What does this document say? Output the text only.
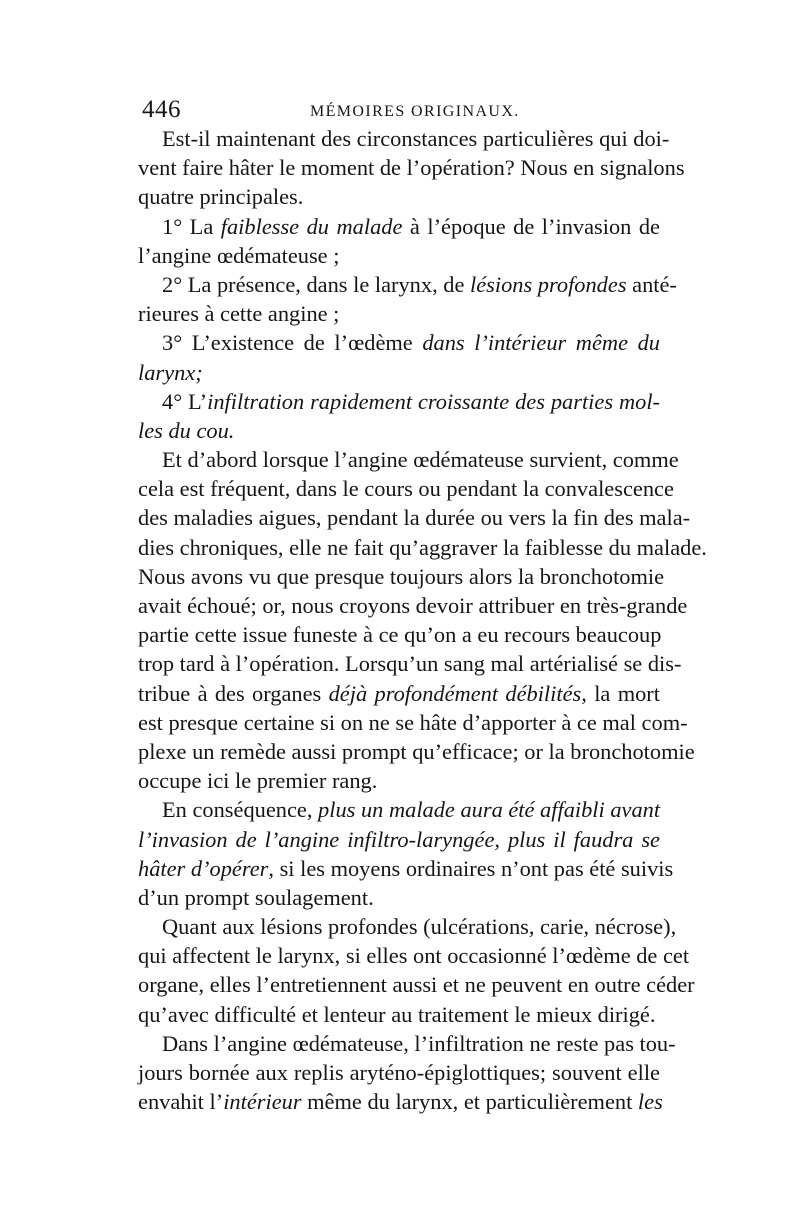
446	MÉMOIRES ORIGINAUX.
Est-il maintenant des circonstances particulières qui doi-
vent faire hâter le moment de l’opération? Nous en signalons
quatre principales.
1° La faiblesse du malade à l’époque de l’invasion de
l’angine œdémateuse ;
2° La présence, dans le larynx, de lésions profondes anté-
rieures à cette angine ;
3° L’existence de l’œdème dans l’intérieur même du
larynx;
4° L’infiltration rapidement croissante des parties mol-
les du cou.
Et d’abord lorsque l’angine œdémateuse survient, comme
cela est fréquent, dans le cours ou pendant la convalescence
des maladies aigues, pendant la durée ou vers la fin des mala-
dies chroniques, elle ne fait qu’aggraver la faiblesse du malade.
Nous avons vu que presque toujours alors la bronchotomie
avait échoué; or, nous croyons devoir attribuer en très-grande
partie cette issue funeste à ce qu’on a eu recours beaucoup
trop tard à l’opération. Lorsqu’un sang mal artérialisé se dis-
tribue à des organes déjà profondément débilités, la mort
est presque certaine si on ne se hâte d’apporter à ce mal com-
plexe un remède aussi prompt qu’efficace; or la bronchotomie
occupe ici le premier rang.
En conséquence, plus un malade aura été affaibli avant
l’invasion de l’angine infiltro-laryngée, plus il faudra se
hâter d’opérer, si les moyens ordinaires n’ont pas été suivis
d’un prompt soulagement.
Quant aux lésions profondes (ulcérations, carie, nécrose),
qui affectent le larynx, si elles ont occasionné l’œdème de cet
organe, elles l’entretiennent aussi et ne peuvent en outre céder
qu’avec difficulté et lenteur au traitement le mieux dirigé.
Dans l’angine œdémateuse, l’infiltration ne reste pas tou-
jours bornée aux replis aryténo-épiglottiques; souvent elle
envahit l’intérieur même du larynx, et particulièrement les
